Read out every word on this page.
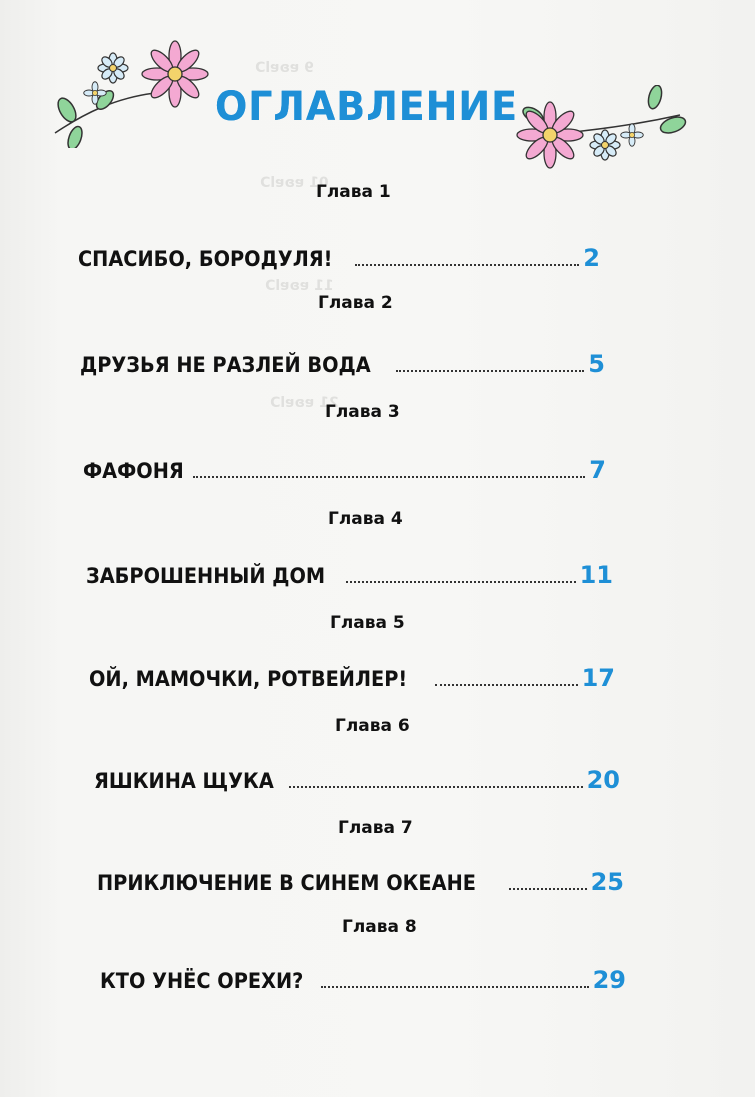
9 ɐʚɐlƆ
01 ɐʚɐlƆ
11 ɐʚɐlƆ
21 ɐʚɐlƆ
ОГЛАВЛЕНИЕ
Глава 1
СПАСИБО, БОРОДУЛЯ!	2
Глава 2
ДРУЗЬЯ НЕ РАЗЛЕЙ ВОДА	5
Глава 3
ФАФОНЯ	7
Глава 4
ЗАБРОШЕННЫЙ ДОМ	11
Глава 5
ОЙ, МАМОЧКИ, РОТВЕЙЛЕР!	17
Глава 6
ЯШКИНА ЩУКА	20
Глава 7
ПРИКЛЮЧЕНИЕ В СИНЕМ ОКЕАНЕ	25
Глава 8
КТО УНЁС ОРЕХИ?	29
